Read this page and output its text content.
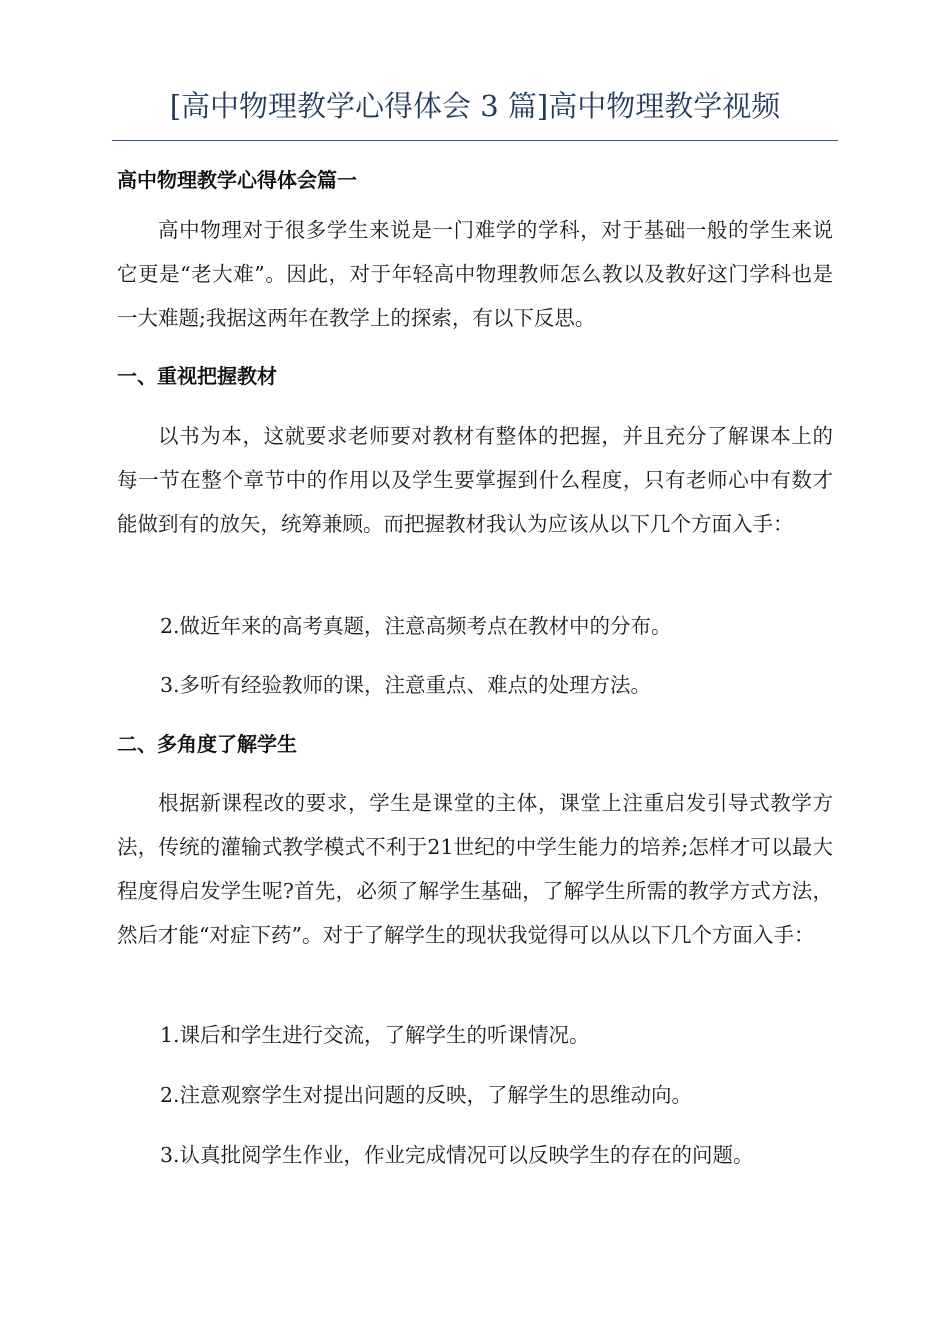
[高中物理教学心得体会 3 篇]高中物理教学视频
高中物理教学心得体会篇一
高中物理对于很多学生来说是一门难学的学科，对于基础一般的学生来说它更是“老大难”。因此，对于年轻高中物理教师怎么教以及教好这门学科也是一大难题;我据这两年在教学上的探索，有以下反思。
一、重视把握教材
以书为本，这就要求老师要对教材有整体的把握，并且充分了解课本上的每一节在整个章节中的作用以及学生要掌握到什么程度，只有老师心中有数才能做到有的放矢，统筹兼顾。而把握教材我认为应该从以下几个方面入手：
2.做近年来的高考真题，注意高频考点在教材中的分布。
3.多听有经验教师的课，注意重点、难点的处理方法。
二、多角度了解学生
根据新课程改的要求，学生是课堂的主体，课堂上注重启发引导式教学方法，传统的灌输式教学模式不利于21世纪的中学生能力的培养;怎样才可以最大程度得启发学生呢?首先，必须了解学生基础，了解学生所需的教学方式方法，然后才能“对症下药”。对于了解学生的现状我觉得可以从以下几个方面入手：
1.课后和学生进行交流，了解学生的听课情况。
2.注意观察学生对提出问题的反映，了解学生的思维动向。
3.认真批阅学生作业，作业完成情况可以反映学生的存在的问题。
